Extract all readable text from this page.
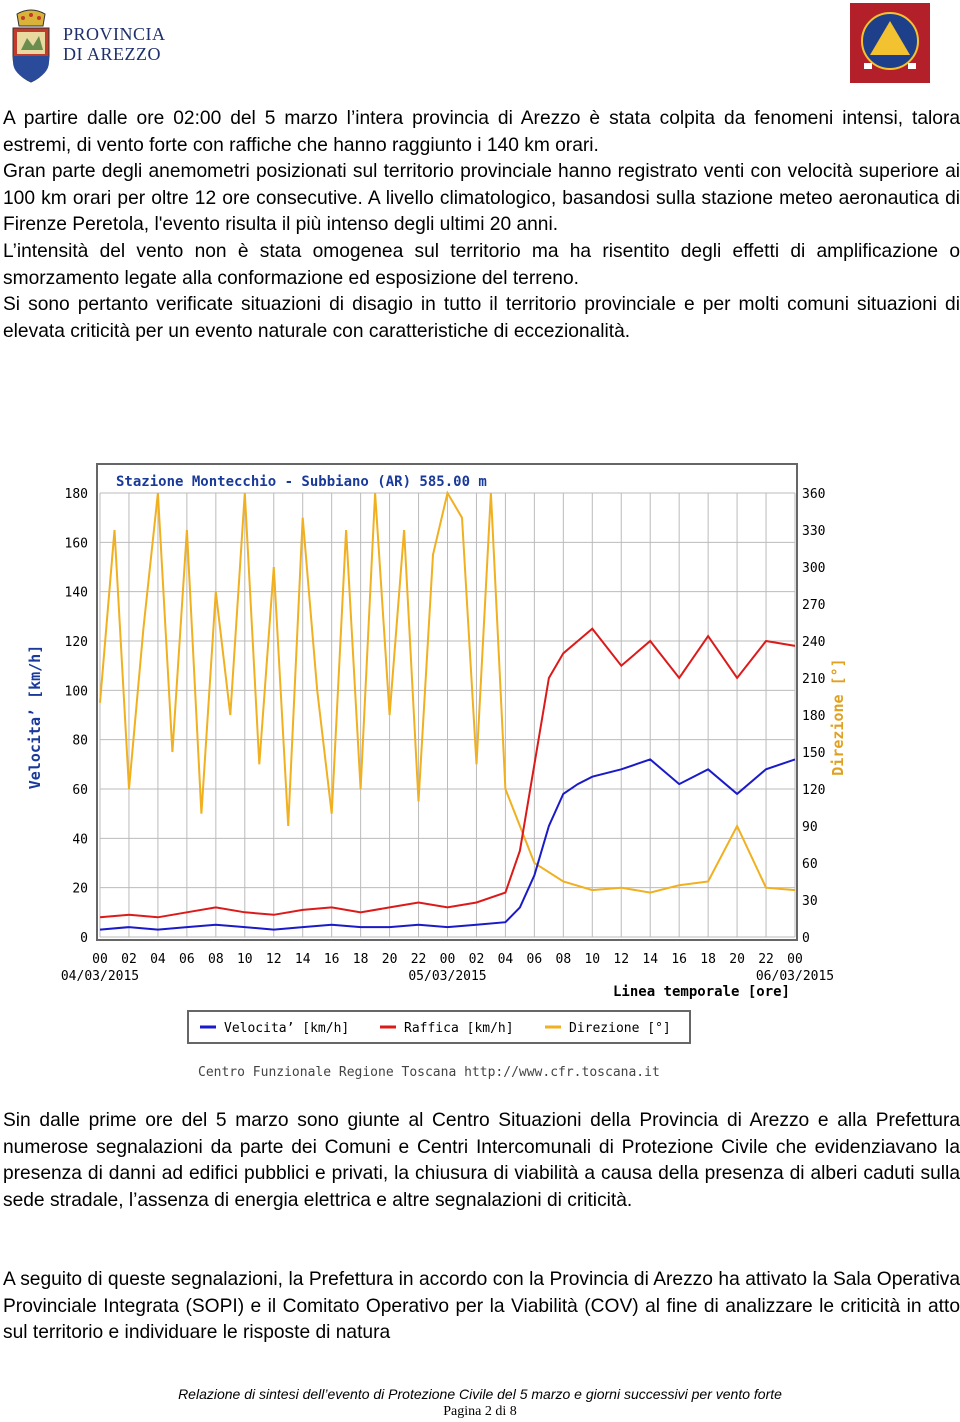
PROVINCIA
DI AREZZO
A partire dalle ore 02:00 del 5 marzo l’intera provincia di Arezzo è stata colpita da fenomeni intensi, talora estremi, di vento forte con raffiche che hanno raggiunto i 140 km orari.
Gran parte degli anemometri posizionati sul territorio provinciale hanno registrato venti con velocità superiore ai 100 km orari per oltre 12 ore consecutive. A livello climatologico, basandosi sulla stazione meteo aeronautica di Firenze Peretola, l'evento risulta il più intenso degli ultimi 20 anni.
L’intensità del vento non è stata omogenea sul territorio ma ha risentito degli effetti di amplificazione o smorzamento legate alla conformazione ed esposizione del terreno.
Si sono pertanto verificate situazioni di disagio in tutto il territorio provinciale e per molti comuni situazioni di elevata criticità per un evento naturale con caratteristiche di eccezionalità.
Stazione Montecchio - Subbiano (AR) 585.00 m
0
20
40
60
80
100
120
140
160
180
0
30
60
90
120
150
180
210
240
270
300
330
360
00 02 04 06 08 10 12 14 16 18 20 22 00 02 04 06 08 10 12 14 16 18 20 22 00
04/03/2015	05/03/2015	06/03/2015
Linea temporale [ore]
Velocita’ [km/h]	Direzione [°]
Velocita’ [km/h]	Raffica [km/h]	Direzione [°]
Centro Funzionale Regione Toscana http://www.cfr.toscana.it

Sin dalle prime ore del 5 marzo sono giunte al Centro Situazioni della Provincia di Arezzo e alla Prefettura numerose segnalazioni da parte dei Comuni e Centri Intercomunali di Protezione Civile che evidenziavano la presenza di danni ad edifici pubblici e privati, la chiusura di viabilità a causa della presenza di alberi caduti sulla sede stradale, l’assenza di energia elettrica e altre segnalazioni di criticità.

A seguito di queste segnalazioni, la Prefettura in accordo con la Provincia di Arezzo ha attivato la Sala Operativa Provinciale Integrata (SOPI) e il Comitato Operativo per la Viabilità (COV) al fine di analizzare le criticità in atto sul territorio e individuare le risposte di natura

Relazione di sintesi dell’evento di Protezione Civile del 5 marzo e giorni successivi per vento forte
Pagina 2 di 8
